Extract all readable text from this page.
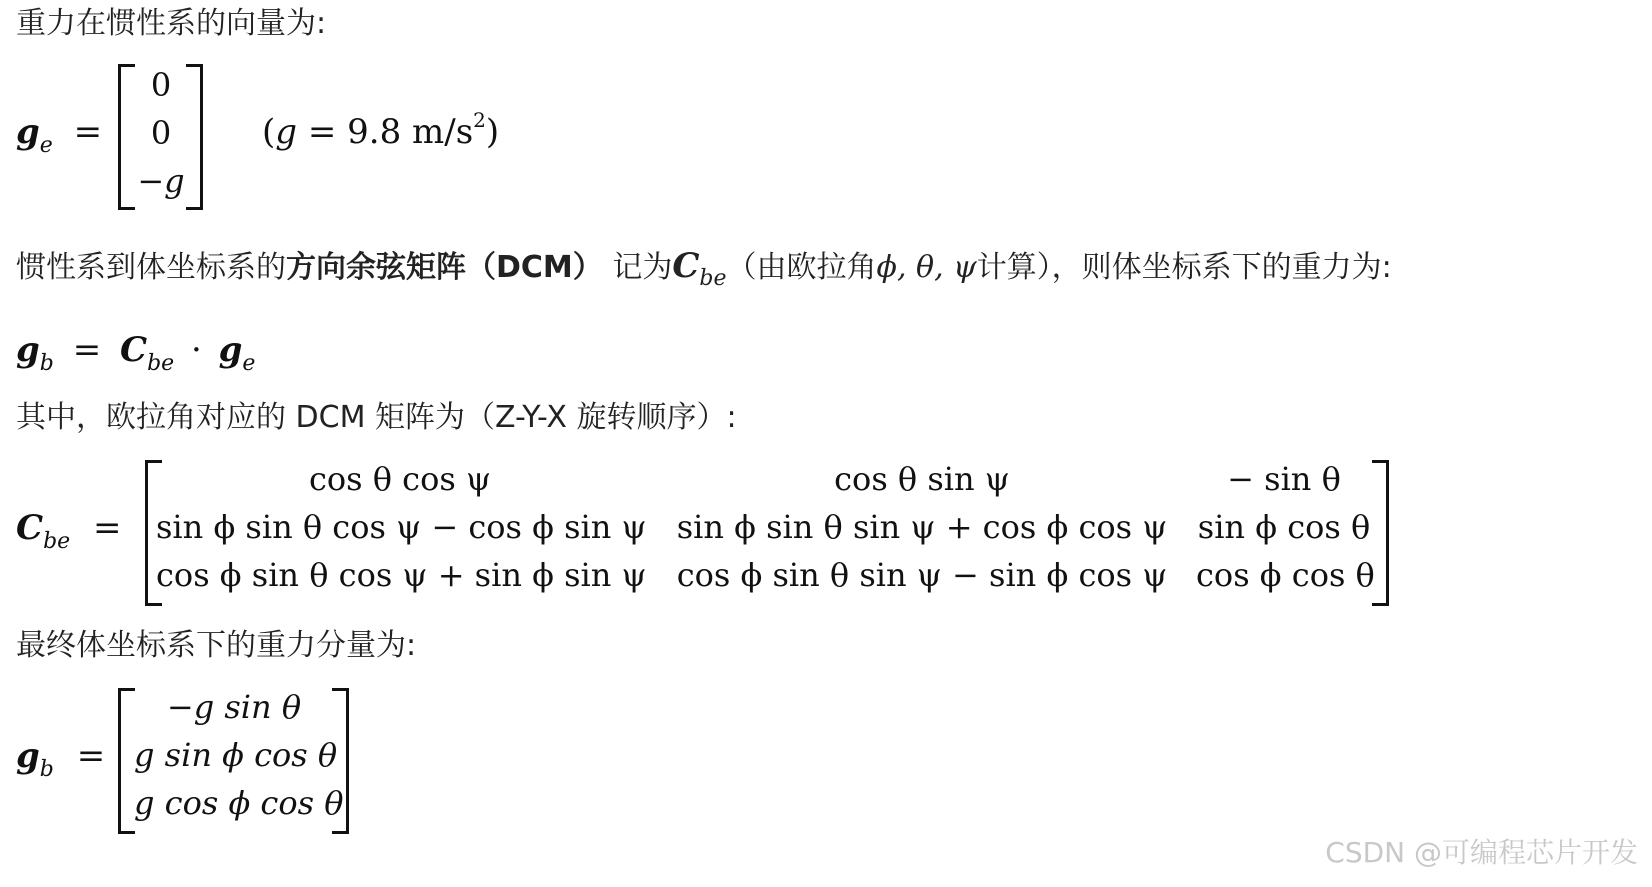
重力在惯性系的向量为:
$g_e$ =
0
0
−g
(g = 9.8 $m/s^2$)
惯性系到体坐标系的方向余弦矩阵（DCM） 记为$C_{be}$（由欧拉角ϕ, θ, ψ计算），则体坐标系下的重力为:
$g_b = C_{be} \cdot g_e$
其中，欧拉角对应的 DCM 矩阵为（Z-Y-X 旋转顺序）:
$C_{be}$ =
cos θ cos ψ	cos θ sin ψ	− sin θ
sin ϕ sin θ cos ψ − cos ϕ sin ψ sin ϕ sin θ sin ψ + cos ϕ cos ψ sin ϕ cos θ
cos ϕ sin θ cos ψ + sin ϕ sin ψ cos ϕ sin θ sin ψ − sin ϕ cos ψ cos ϕ cos θ
最终体坐标系下的重力分量为:
$g_b$ =
−g sin θ
g sin ϕ cos θ
g cos ϕ cos θ
CSDN @可编程芯片开发
